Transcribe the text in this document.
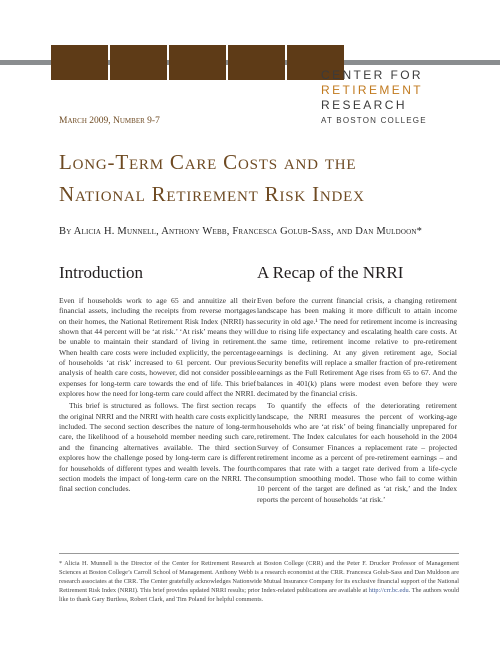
CENTER FOR
RETIREMENT
RESEARCH
AT BOSTON COLLEGE
March 2009, Number 9-7
Long-Term Care Costs and the
National Retirement Risk Index
By Alicia H. Munnell, Anthony Webb, Francesca Golub-Sass, and Dan Muldoon*
Introduction

Even if households work to age 65 and annuitize all their financial assets, including the receipts from reverse mortgages on their homes, the National Retirement Risk Index (NRRI) has shown that 44 percent will be ‘at risk.’ ‘At risk’ means they will be unable to maintain their standard of living in retirement. When health care costs were included explicitly, the percentage of households ‘at risk’ increased to 61 percent. Our previous analysis of health care costs, however, did not consider possible expenses for long-term care towards the end of life. This brief explores how the need for long-term care could affect the NRRI.

This brief is structured as follows. The first section recaps the original NRRI and the NRRI with health care costs explicitly included. The second section describes the nature of long-term care, the likelihood of a household member needing such care, and the financing alternatives available. The third section explores how the challenge posed by long-term care is different for households of different types and wealth levels. The fourth section models the impact of long-term care on the NRRI. The final section concludes.

A Recap of the NRRI

Even before the current financial crisis, a changing retirement landscape has been making it more difficult to attain income security in old age.¹ The need for retirement income is increasing due to rising life expectancy and escalating health care costs. At the same time, retirement income relative to pre-retirement earnings is declining. At any given retirement age, Social Security benefits will replace a smaller fraction of pre-retirement earnings as the Full Retirement Age rises from 65 to 67. And the balances in 401(k) plans were modest even before they were decimated by the financial crisis.

To quantify the effects of the deteriorating retirement landscape, the NRRI measures the percent of working-age households who are ‘at risk’ of being financially unprepared for retirement. The Index calculates for each household in the 2004 Survey of Consumer Finances a replacement rate – projected retirement income as a percent of pre-retirement earnings – and compares that rate with a target rate derived from a life-cycle consumption smoothing model. Those who fail to come within 10 percent of the target are defined as ‘at risk,’ and the Index reports the percent of households ‘at risk.’

* Alicia H. Munnell is the Director of the Center for Retirement Research at Boston College (CRR) and the Peter F. Drucker Professor of Management Sciences at Boston College’s Carroll School of Management. Anthony Webb is a research economist at the CRR. Francesca Golub-Sass and Dan Muldoon are research associates at the CRR. The Center gratefully acknowledges Nationwide Mutual Insurance Company for its exclusive financial support of the National Retirement Risk Index (NRRI). This brief provides updated NRRI results; prior Index-related publications are available at http://crr.bc.edu. The authors would like to thank Gary Burtless, Robert Clark, and Tim Poland for helpful comments.
